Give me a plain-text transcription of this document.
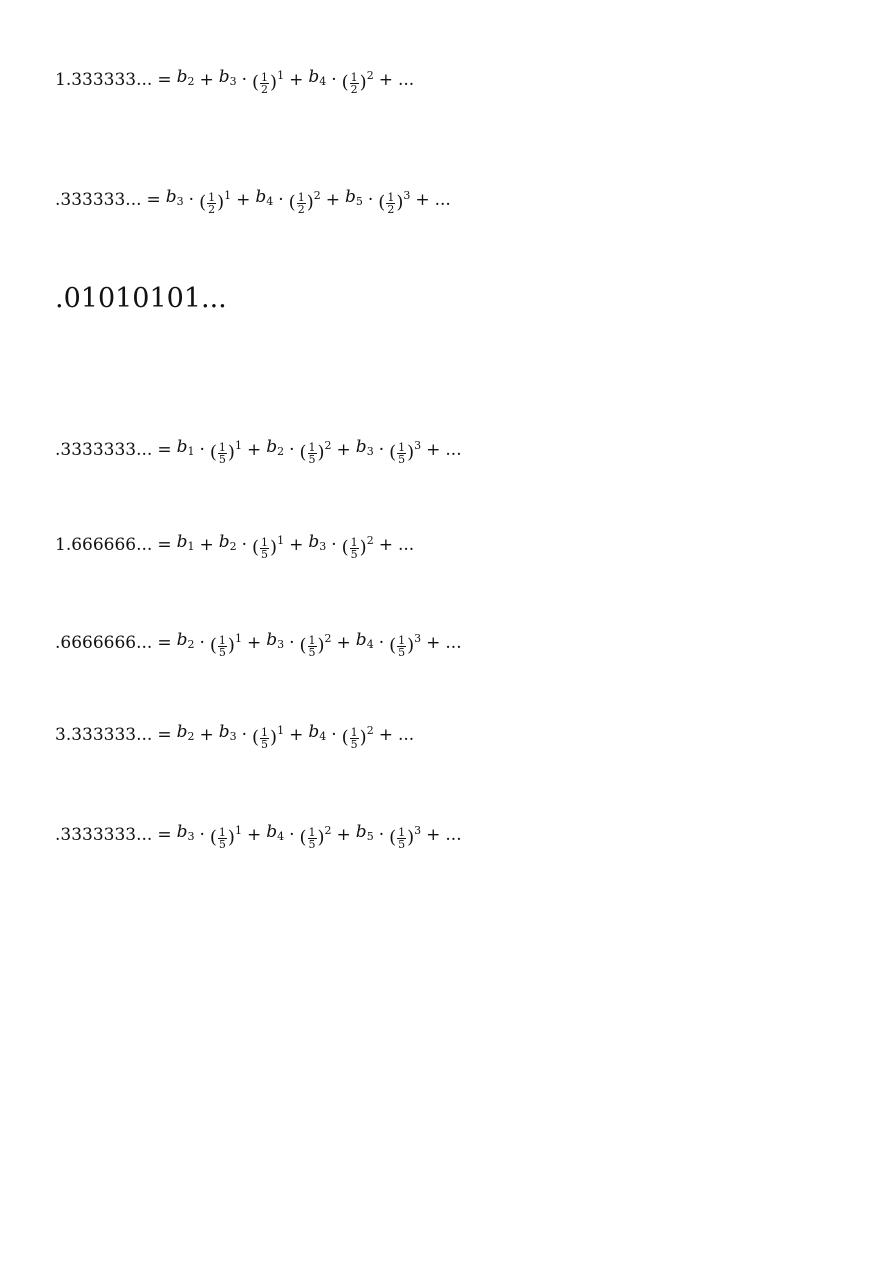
1.333333... = $b_2 + b_3$ · ( $\frac{1}{2} )^1 + b_4$ · ( $\frac{1}{2} )^2$ + ...
.333333... = $b_3$ · ( $\frac{1}{2} )^1 + b_4$ · ( $\frac{1}{2} )^2 + b_5$ · ( $\frac{1}{2} )^3$ + ...
.01010101...
.3333333... = $b_1$ · ( $\frac{1}{5} )^1 + b_2$ · ( $\frac{1}{5} )^2 + b_3$ · ( $\frac{1}{5} )^3$ + ...
1.666666... = $b_1 + b_2$ · ( $\frac{1}{5} )^1 + b_3$ · ( $\frac{1}{5} )^2$ + ...
.6666666... = $b_2$ · ( $\frac{1}{5} )^1 + b_3$ · ( $\frac{1}{5} )^2 + b_4$ · ( $\frac{1}{5} )^3$ + ...
3.333333... = $b_2 + b_3$ · ( $\frac{1}{5} )^1 + b_4$ · ( $\frac{1}{5} )^2$ + ...
.3333333... = $b_3$ · ( $\frac{1}{5} )^1 + b_4$ · ( $\frac{1}{5} )^2 + b_5$ · ( $\frac{1}{5} )^3$ + ...
